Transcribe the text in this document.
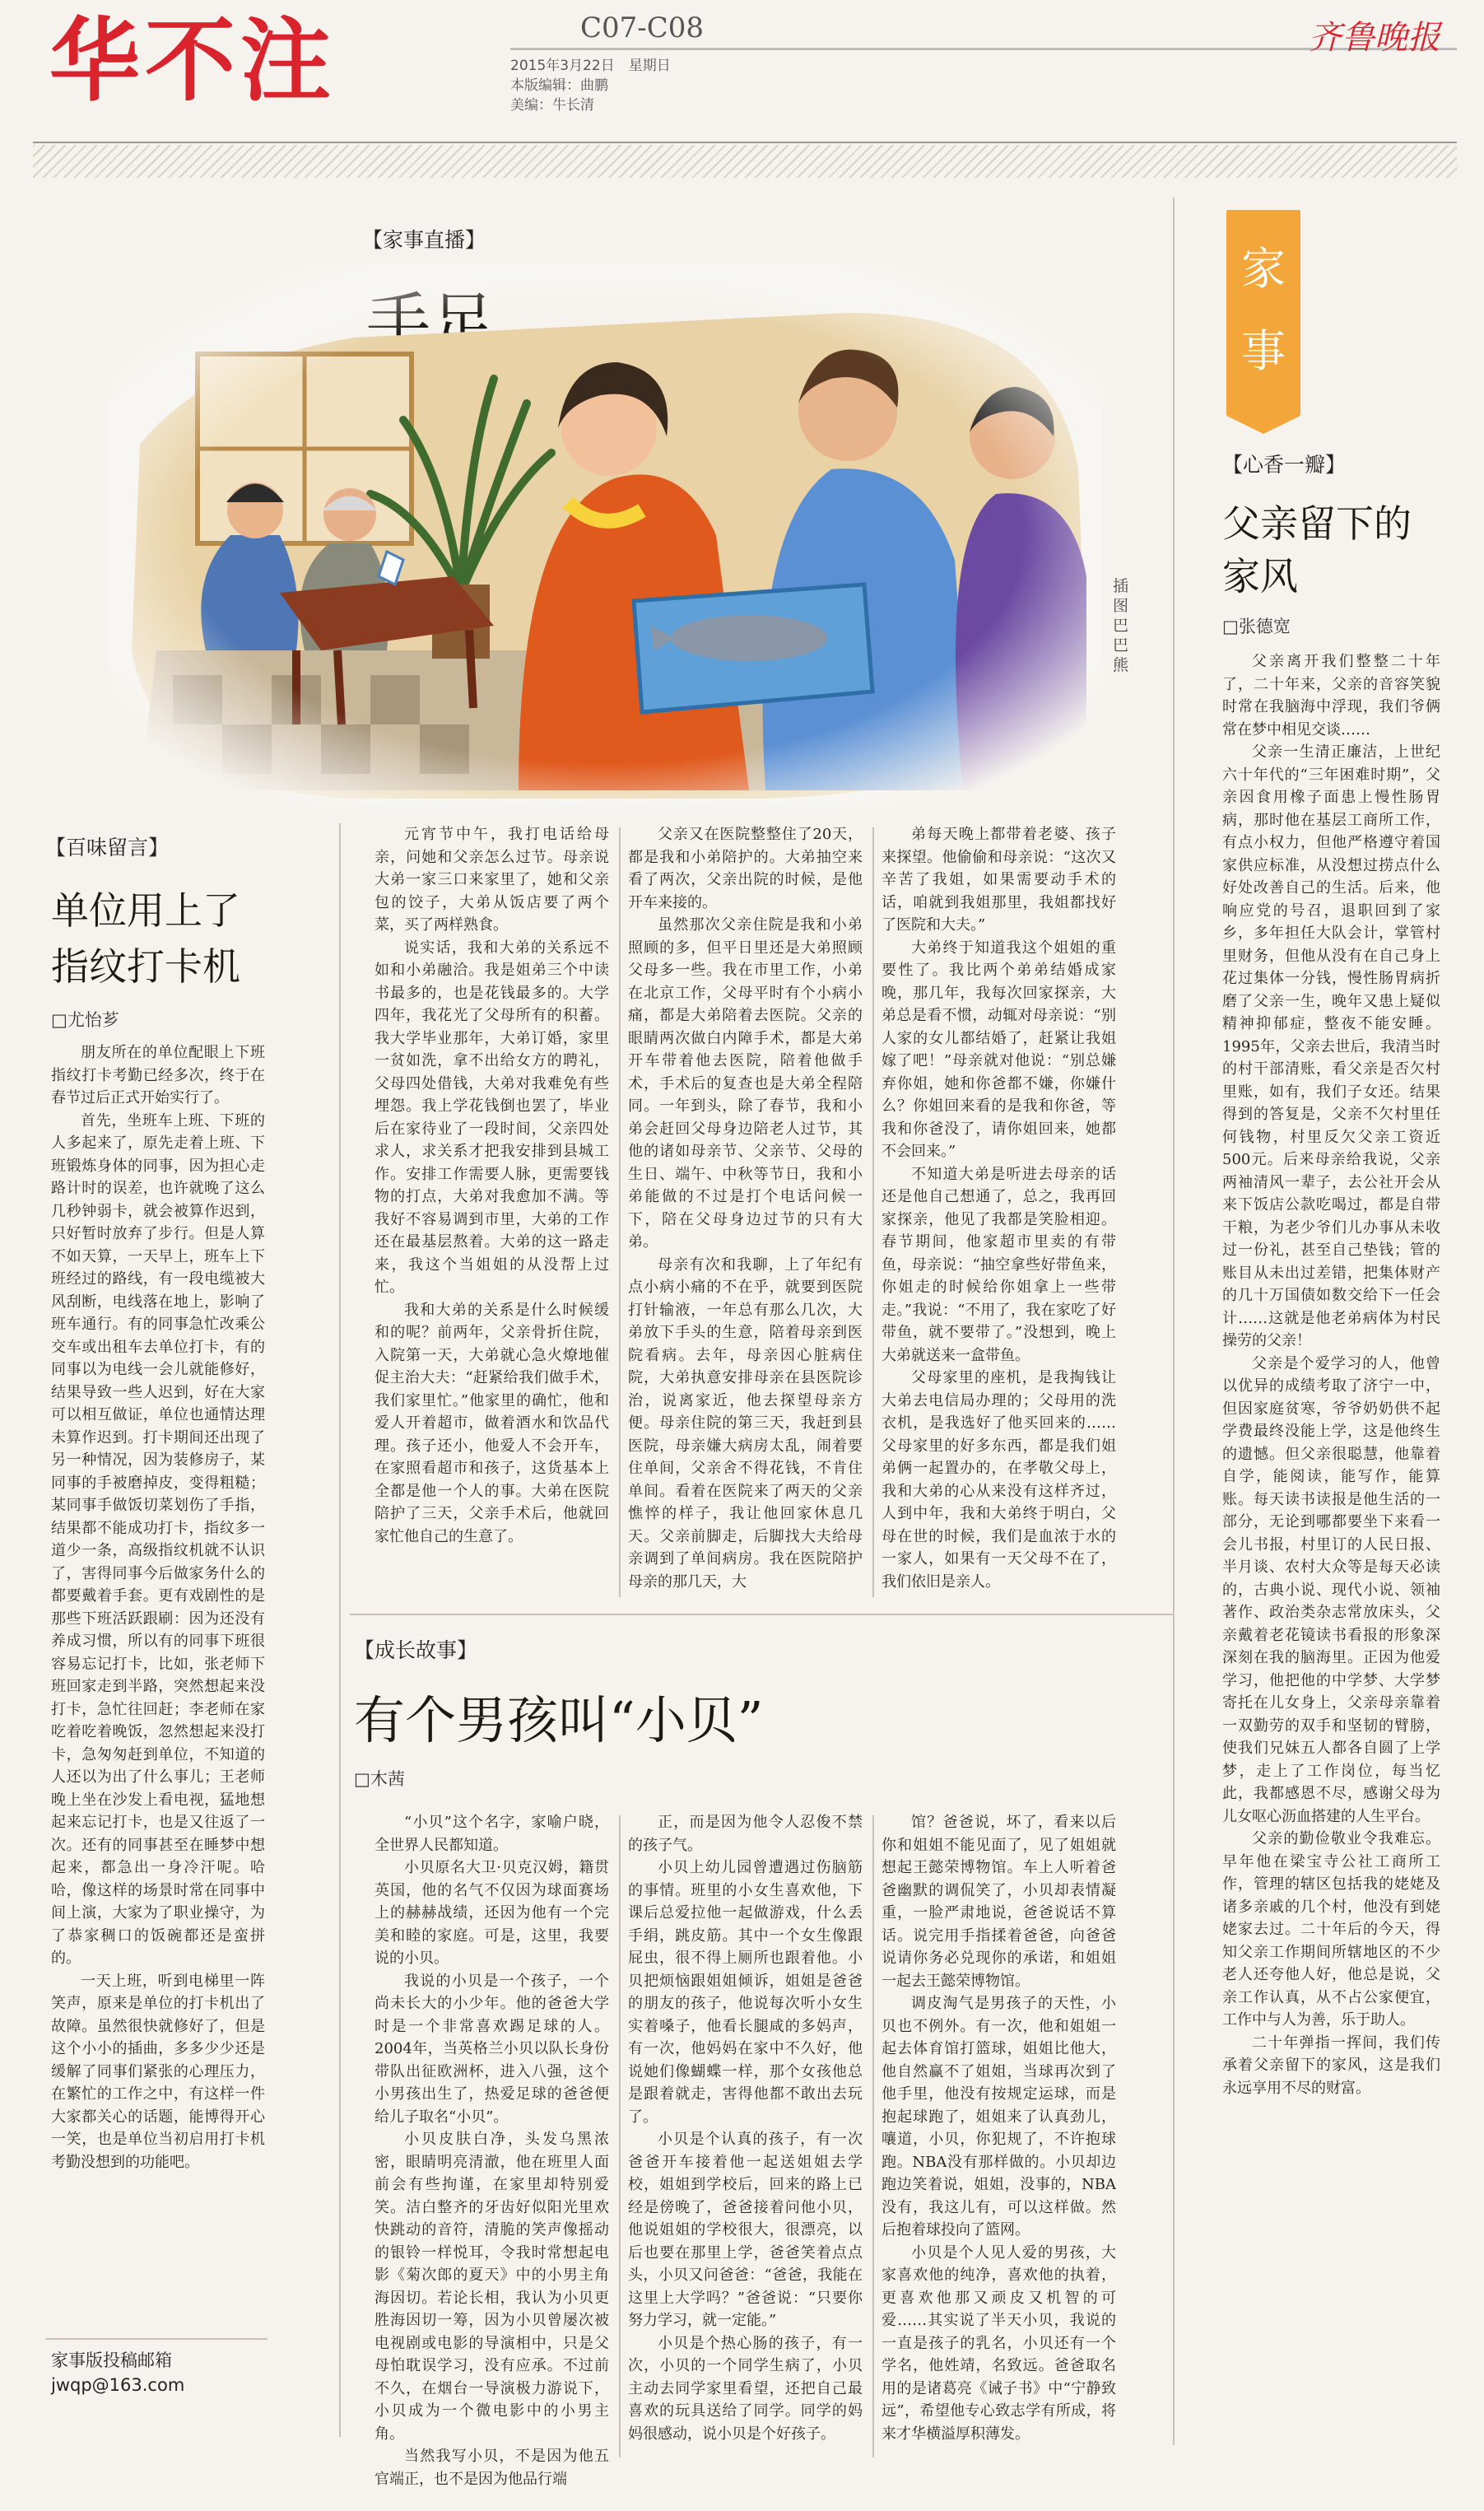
华不注	C07-C08
2015年3月22日　星期日
本版编辑：曲鹏
美编：牛长清
齐鲁晚报
【家事直播】
插图 巴巴熊

元宵节中午，我打电话给母亲，问她和父亲怎么过节。母亲说大弟一家三口来家里了，她和父亲包的饺子，大弟从饭店要了两个菜，买了两样熟食。

说实话，我和大弟的关系远不如和小弟融洽。我是姐弟三个中读书最多的，也是花钱最多的。大学四年，我花光了父母所有的积蓄。我大学毕业那年，大弟订婚，家里一贫如洗，拿不出给女方的聘礼，父母四处借钱，大弟对我难免有些埋怨。我上学花钱倒也罢了，毕业后在家待业了一段时间，父亲四处求人，求关系才把我安排到县城工作。安排工作需要人脉，更需要钱物的打点，大弟对我愈加不满。等我好不容易调到市里，大弟的工作还在最基层熬着。大弟的这一路走来，我这个当姐姐的从没帮上过忙。

我和大弟的关系是什么时候缓和的呢？前两年，父亲骨折住院，入院第一天，大弟就心急火燎地催促主治大夫：“赶紧给我们做手术，我们家里忙。”他家里的确忙，他和爱人开着超市，做着酒水和饮品代理。孩子还小，他爱人不会开车，在家照看超市和孩子，这货基本上全都是他一个人的事。大弟在医院陪护了三天，父亲手术后，他就回家忙他自己的生意了。

父亲又在医院整整住了20天，都是我和小弟陪护的。大弟抽空来看了两次，父亲出院的时候，是他开车来接的。

虽然那次父亲住院是我和小弟照顾的多，但平日里还是大弟照顾父母多一些。我在市里工作，小弟在北京工作，父母平时有个小病小痛，都是大弟陪着去医院。父亲的眼睛两次做白内障手术，都是大弟开车带着他去医院，陪着他做手术，手术后的复查也是大弟全程陪同。一年到头，除了春节，我和小弟会赶回父母身边陪老人过节，其他的诸如母亲节、父亲节、父母的生日、端午、中秋等节日，我和小弟能做的不过是打个电话问候一下，陪在父母身边过节的只有大弟。

母亲有次和我聊，上了年纪有点小病小痛的不在乎，就要到医院打针输液，一年总有那么几次，大弟放下手头的生意，陪着母亲到医院看病。去年，母亲因心脏病住院，大弟执意安排母亲在县医院诊治，说离家近，他去探望母亲方便。母亲住院的第三天，我赶到县医院，母亲嫌大病房太乱，闹着要住单间，父亲舍不得花钱，不肯住单间。看着在医院来了两天的父亲憔悴的样子，我让他回家休息几天。父亲前脚走，后脚找大夫给母亲调到了单间病房。我在医院陪护母亲的那几天，大

弟每天晚上都带着老婆、孩子来探望。他偷偷和母亲说：“这次又辛苦了我姐，如果需要动手术的话，咱就到我姐那里，我姐都找好了医院和大夫。”

大弟终于知道我这个姐姐的重要性了。我比两个弟弟结婚成家晚，那几年，我每次回家探亲，大弟总是看不惯，动辄对母亲说：“别人家的女儿都结婚了，赶紧让我姐嫁了吧！”母亲就对他说：“别总嫌弃你姐，她和你爸都不嫌，你嫌什么？你姐回来看的是我和你爸，等我和你爸没了，请你姐回来，她都不会回来。”

不知道大弟是听进去母亲的话还是他自己想通了，总之，我再回家探亲，他见了我都是笑脸相迎。春节期间，他家超市里卖的有带鱼，母亲说：“抽空拿些好带鱼来，你姐走的时候给你姐拿上一些带走。”我说：“不用了，我在家吃了好带鱼，就不要带了。”没想到，晚上大弟就送来一盒带鱼。

父母家里的座机，是我掏钱让大弟去电信局办理的；父母用的洗衣机，是我选好了他买回来的……父母家里的好多东西，都是我们姐弟俩一起置办的，在孝敬父母上，我和大弟的心从来没有这样齐过，人到中年，我和大弟终于明白，父母在世的时候，我们是血浓于水的一家人，如果有一天父母不在了，我们依旧是亲人。

【百味留言】
单位用上了
指纹打卡机
□尤怡芗

朋友所在的单位配眼上下班指纹打卡考勤已经多次，终于在春节过后正式开始实行了。

首先，坐班车上班、下班的人多起来了，原先走着上班、下班锻炼身体的同事，因为担心走路计时的误差，也许就晚了这么几秒钟弱卡，就会被算作迟到，只好暂时放弃了步行。但是人算不如天算，一天早上，班车上下班经过的路线，有一段电缆被大风刮断，电线落在地上，影响了班车通行。有的同事急忙改乘公交车或出租车去单位打卡，有的同事以为电线一会儿就能修好，结果导致一些人迟到，好在大家可以相互做证，单位也通情达理未算作迟到。打卡期间还出现了另一种情况，因为装修房子，某同事的手被磨掉皮，变得粗糙；某同事手做饭切菜划伤了手指，结果都不能成功打卡，指纹多一道少一条，高级指纹机就不认识了，害得同事今后做家务什么的都要戴着手套。更有戏剧性的是那些下班活跃跟刷：因为还没有养成习惯，所以有的同事下班很容易忘记打卡，比如，张老师下班回家走到半路，突然想起来没打卡，急忙往回赶；李老师在家吃着吃着晚饭，忽然想起来没打卡，急匆匆赶到单位，不知道的人还以为出了什么事儿；王老师晚上坐在沙发上看电视，猛地想起来忘记打卡，也是又往返了一次。还有的同事甚至在睡梦中想起来，都急出一身冷汗呢。哈哈，像这样的场景时常在同事中间上演，大家为了职业操守，为了恭家稠口的饭碗都还是蛮拼的。

一天上班，听到电梯里一阵笑声，原来是单位的打卡机出了故障。虽然很快就修好了，但是这个小小的插曲，多多少少还是缓解了同事们紧张的心理压力，在繁忙的工作之中，有这样一件大家都关心的话题，能博得开心一笑，也是单位当初启用打卡机考勤没想到的功能吧。

家事版投稿邮箱
jwqp@163.com
【成长故事】
有个男孩叫“小贝”
□木茜

“小贝”这个名字，家喻户晓，全世界人民都知道。

小贝原名大卫·贝克汉姆，籍贯英国，他的名气不仅因为球面赛场上的赫赫战绩，还因为他有一个完美和睦的家庭。可是，这里，我要说的小贝。

我说的小贝是一个孩子，一个尚未长大的小少年。他的爸爸大学时是一个非常喜欢踢足球的人。2004年，当英格兰小贝以队长身份带队出征欧洲杯，进入八强，这个小男孩出生了，热爱足球的爸爸便给儿子取名“小贝”。

小贝皮肤白净，头发乌黑浓密，眼睛明亮清澈，他在班里人面前会有些拘谨，在家里却特别爱笑。洁白整齐的牙齿好似阳光里欢快跳动的音符，清脆的笑声像摇动的银铃一样悦耳，令我时常想起电影《菊次郎的夏天》中的小男主角海因切。若论长相，我认为小贝更胜海因切一筹，因为小贝曾屡次被电视剧或电影的导演相中，只是父母怕耽误学习，没有应承。不过前不久，在烟台一导演极力游说下，小贝成为一个微电影中的小男主角。

当然我写小贝，不是因为他五官端正，也不是因为他品行端

正，而是因为他令人忍俊不禁的孩子气。

小贝上幼儿园曾遭遇过伤脑筋的事情。班里的小女生喜欢他，下课后总爱拉他一起做游戏，什么丢手绢，跳皮筋。其中一个女生像跟屁虫，很不得上厕所也跟着他。小贝把烦恼跟姐姐倾诉，姐姐是爸爸的朋友的孩子，他说每次听小女生实着嗓子，他看长腿咸的多妈声，有一次，他妈妈在家中不久好，他说她们像蝴蝶一样，那个女孩他总是跟着就走，害得他都不敢出去玩了。

小贝是个认真的孩子，有一次爸爸开车接着他一起送姐姐去学校，姐姐到学校后，回来的路上已经是傍晚了，爸爸接着问他小贝，他说姐姐的学校很大，很漂亮，以后也要在那里上学，爸爸笑着点点头，小贝又问爸爸：“爸爸，我能在这里上大学吗？”爸爸说：“只要你努力学习，就一定能。”

小贝是个热心肠的孩子，有一次，小贝的一个同学生病了，小贝主动去同学家里看望，还把自己最喜欢的玩具送给了同学。同学的妈妈很感动，说小贝是个好孩子。

馆？爸爸说，坏了，看来以后你和姐姐不能见面了，见了姐姐就想起王懿荣博物馆。车上人听着爸爸幽默的调侃笑了，小贝却表情凝重，一脸严肃地说，爸爸说话不算话。说完用手指揉着爸爸，向爸爸说请你务必兑现你的承诺，和姐姐一起去王懿荣博物馆。

调皮淘气是男孩子的天性，小贝也不例外。有一次，他和姐姐一起去体育馆打篮球，姐姐比他大，他自然赢不了姐姐，当球再次到了他手里，他没有按规定运球，而是抱起球跑了，姐姐来了认真劲儿，嚷道，小贝，你犯规了，不许抱球跑。NBA没有那样做的。小贝却边跑边笑着说，姐姐，没事的，NBA没有，我这儿有，可以这样做。然后抱着球投向了篮网。

小贝是个人见人爱的男孩，大家喜欢他的纯净，喜欢他的执着，更喜欢他那又顽皮又机智的可爱……其实说了半天小贝，我说的一直是孩子的乳名，小贝还有一个学名，他姓靖，名致远。爸爸取名用的是诸葛亮《诫子书》中“宁静致远”，希望他专心致志学有所成，将来才华横溢厚积薄发。

家事
【心香一瓣】
父亲留下的
家风
□张德宽

父亲离开我们整整二十年了，二十年来，父亲的音容笑貌时常在我脑海中浮现，我们爷俩常在梦中相见交谈……

父亲一生清正廉洁，上世纪六十年代的“三年困难时期”，父亲因食用橡子面患上慢性肠胃病，那时他在基层工商所工作，有点小权力，但他严格遵守着国家供应标准，从没想过捞点什么好处改善自己的生活。后来，他响应党的号召，退职回到了家乡，多年担任大队会计，掌管村里财务，但他从没有在自己身上花过集体一分钱，慢性肠胃病折磨了父亲一生，晚年又患上疑似精神抑郁症，整夜不能安睡。1995年，父亲去世后，我清当时的村干部清账，看父亲是否欠村里账，如有，我们子女还。结果得到的答复是，父亲不欠村里任何钱物，村里反欠父亲工资近500元。后来母亲给我说，父亲两袖清风一辈子，去公社开会从来下饭店公款吃喝过，都是自带干粮，为老少爷们儿办事从未收过一份礼，甚至自己垫钱；管的账目从未出过差错，把集体财产的几十万国债如数交给下一任会计……这就是他老弟病体为村民操劳的父亲！

父亲是个爱学习的人，他曾以优异的成绩考取了济宁一中，但因家庭贫寒，爷爷奶奶供不起学费最终没能上学，这是他终生的遗憾。但父亲很聪慧，他靠着自学，能阅读，能写作，能算账。每天读书读报是他生活的一部分，无论到哪都要坐下来看一会儿书报，村里订的人民日报、半月谈、农村大众等是每天必读的，古典小说、现代小说、领袖著作、政治类杂志常放床头，父亲戴着老花镜读书看报的形象深深刻在我的脑海里。正因为他爱学习，他把他的中学梦、大学梦寄托在儿女身上，父亲母亲靠着一双勤劳的双手和坚韧的臂膀，使我们兄妹五人都各自圆了上学梦，走上了工作岗位，每当忆此，我都感恩不尽，感谢父母为儿女呕心沥血搭建的人生平台。

父亲的勤俭敬业令我难忘。早年他在梁宝寺公社工商所工作，管理的辖区包括我的姥姥及诸多亲戚的几个村，他没有到姥姥家去过。二十年后的今天，得知父亲工作期间所辖地区的不少老人还夸他人好，他总是说，父亲工作认真，从不占公家便宜，工作中与人为善，乐于助人。

二十年弹指一挥间，我们传承着父亲留下的家风，这是我们永远享用不尽的财富。
